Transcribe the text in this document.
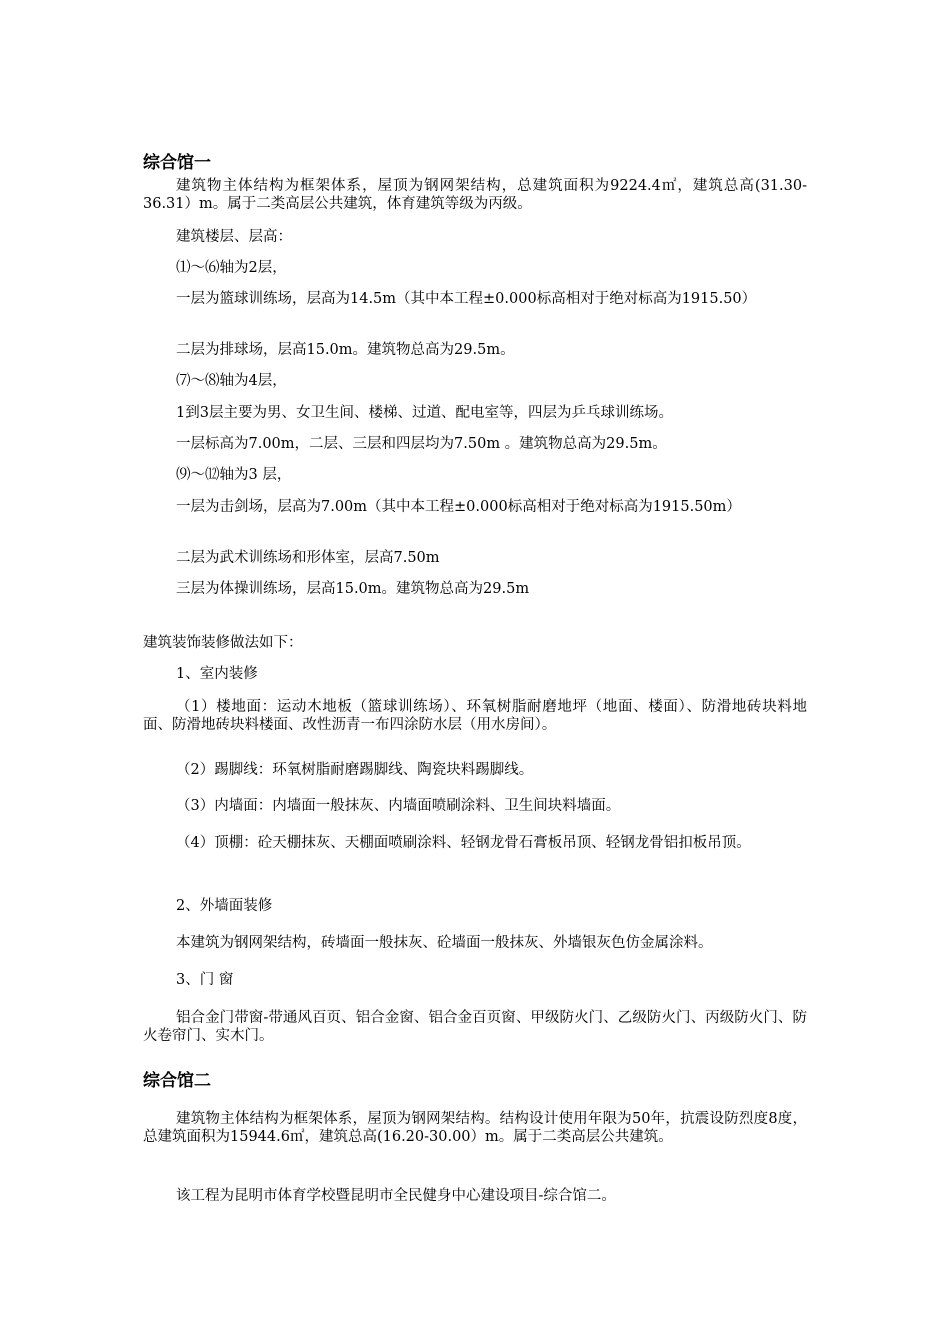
综合馆一

建筑物主体结构为框架体系，屋顶为钢网架结构，总建筑面积为9224.4㎡，建筑总高(31.30-36.31）m。属于二类高层公共建筑，体育建筑等级为丙级。

建筑楼层、层高：

⑴～⑹轴为2层，

一层为篮球训练场，层高为14.5m（其中本工程±0.000标高相对于绝对标高为1915.50）

二层为排球场，层高15.0m。建筑物总高为29.5m。

⑺～⑻轴为4层，

1到3层主要为男、女卫生间、楼梯、过道、配电室等，四层为乒乓球训练场。

一层标高为7.00m，二层、三层和四层均为7.50m 。建筑物总高为29.5m。

⑼～⑿轴为3 层，

一层为击剑场，层高为7.00m（其中本工程±0.000标高相对于绝对标高为1915.50m）

二层为武术训练场和形体室，层高7.50m

三层为体操训练场，层高15.0m。建筑物总高为29.5m

建筑装饰装修做法如下：

1、室内装修

（1）楼地面：运动木地板（篮球训练场）、环氧树脂耐磨地坪（地面、楼面）、防滑地砖块料地面、防滑地砖块料楼面、改性沥青一布四涂防水层（用水房间）。

（2）踢脚线：环氧树脂耐磨踢脚线、陶瓷块料踢脚线。

（3）内墙面：内墙面一般抹灰、内墙面喷刷涂料、卫生间块料墙面。

（4）顶棚：砼天棚抹灰、天棚面喷刷涂料、轻钢龙骨石膏板吊顶、轻钢龙骨铝扣板吊顶。

2、外墙面装修

本建筑为钢网架结构，砖墙面一般抹灰、砼墙面一般抹灰、外墙银灰色仿金属涂料。

3、门 窗

铝合金门带窗-带通风百页、铝合金窗、铝合金百页窗、甲级防火门、乙级防火门、丙级防火门、防火卷帘门、实木门。

综合馆二

建筑物主体结构为框架体系，屋顶为钢网架结构。结构设计使用年限为50年，抗震设防烈度8度，总建筑面积为15944.6㎡，建筑总高(16.20-30.00）m。属于二类高层公共建筑。

该工程为昆明市体育学校暨昆明市全民健身中心建设项目-综合馆二。
